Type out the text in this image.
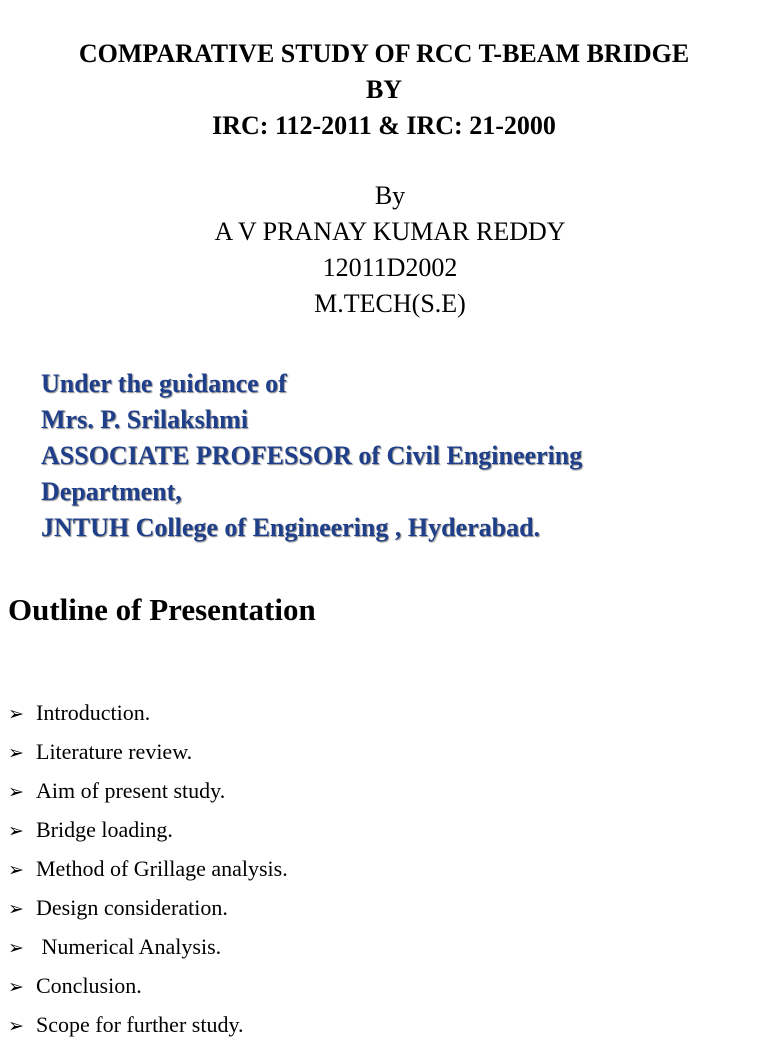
COMPARATIVE STUDY OF RCC T-BEAM BRIDGE
BY
IRC: 112-2011 & IRC: 21-2000
By
A V PRANAY KUMAR REDDY
12011D2002
M.TECH(S.E)
Under the guidance of
Mrs. P. Srilakshmi
ASSOCIATE PROFESSOR of Civil Engineering
Department,
JNTUH College of Engineering , Hyderabad.
Outline of Presentation
➢ Introduction.
➢ Literature review.
➢ Aim of present study.
➢ Bridge loading.
➢ Method of Grillage analysis.
➢ Design consideration.
➢ Numerical Analysis.
➢ Conclusion.
➢ Scope for further study.
